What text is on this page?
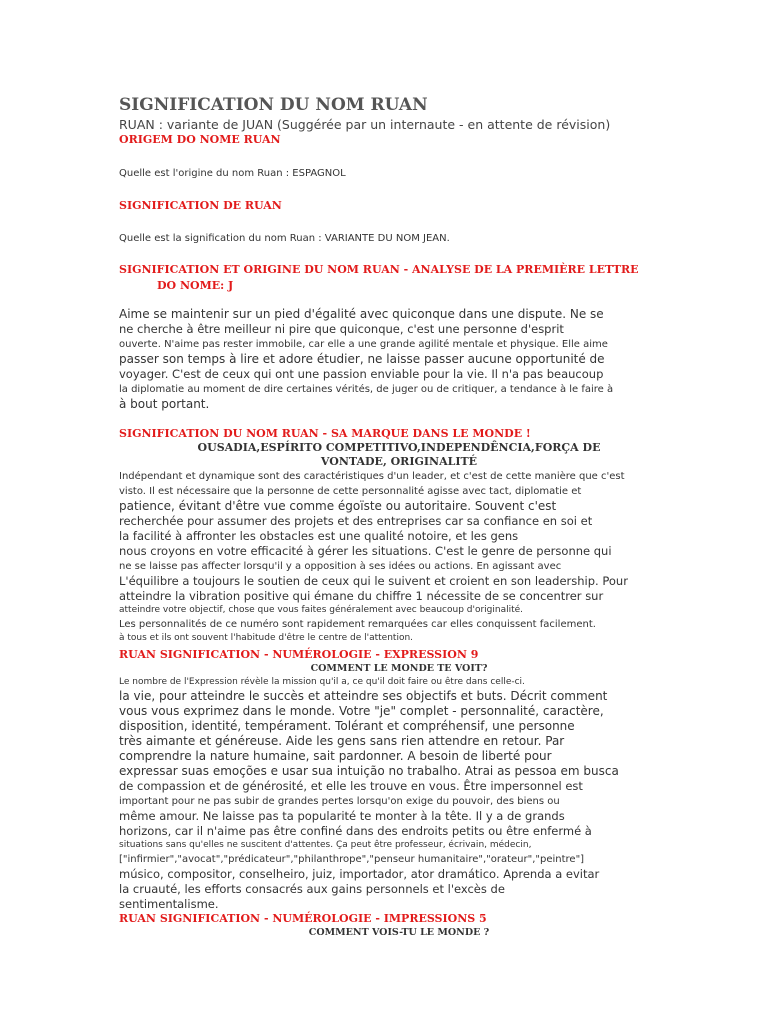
SIGNIFICATION DU NOM RUAN

RUAN : variante de JUAN (Suggérée par un internaute - en attente de révision)

ORIGEM DO NOME RUAN

Quelle est l'origine du nom Ruan : ESPAGNOL

SIGNIFICATION DE RUAN

Quelle est la signification du nom Ruan : VARIANTE DU NOM JEAN.

SIGNIFICATION ET ORIGINE DU NOM RUAN - ANALYSE DE LA PREMIÈRE LETTRE
DO NOME: J

Aime se maintenir sur un pied d'égalité avec quiconque dans une dispute. Ne se
ne cherche à être meilleur ni pire que quiconque, c'est une personne d'esprit
ouverte. N'aime pas rester immobile, car elle a une grande agilité mentale et physique. Elle aime
passer son temps à lire et adore étudier, ne laisse passer aucune opportunité de
voyager. C'est de ceux qui ont une passion enviable pour la vie. Il n'a pas beaucoup
la diplomatie au moment de dire certaines vérités, de juger ou de critiquer, a tendance à le faire à
à bout portant.

SIGNIFICATION DU NOM RUAN - SA MARQUE DANS LE MONDE !

OUSADIA,ESPÍRITO COMPETITIVO,INDEPENDÊNCIA,FORÇA DE
VONTADE, ORIGINALITÉ

Indépendant et dynamique sont des caractéristiques d'un leader, et c'est de cette manière que c'est
visto. Il est nécessaire que la personne de cette personnalité agisse avec tact, diplomatie et
patience, évitant d'être vue comme égoïste ou autoritaire. Souvent c'est
recherchée pour assumer des projets et des entreprises car sa confiance en soi et
la facilité à affronter les obstacles est une qualité notoire, et les gens
nous croyons en votre efficacité à gérer les situations. C'est le genre de personne qui
ne se laisse pas affecter lorsqu'il y a opposition à ses idées ou actions. En agissant avec
L'équilibre a toujours le soutien de ceux qui le suivent et croient en son leadership. Pour
atteindre la vibration positive qui émane du chiffre 1 nécessite de se concentrer sur
atteindre votre objectif, chose que vous faites généralement avec beaucoup d'originalité.
Les personnalités de ce numéro sont rapidement remarquées car elles conquissent facilement.
à tous et ils ont souvent l'habitude d'être le centre de l'attention.

RUAN SIGNIFICATION - NUMÉROLOGIE - EXPRESSION 9

COMMENT LE MONDE TE VOIT?

Le nombre de l'Expression révèle la mission qu'il a, ce qu'il doit faire ou être dans celle-ci.
la vie, pour atteindre le succès et atteindre ses objectifs et buts. Décrit comment
vous vous exprimez dans le monde. Votre "je" complet - personnalité, caractère,
disposition, identité, tempérament. Tolérant et compréhensif, une personne
très aimante et généreuse. Aide les gens sans rien attendre en retour. Par
comprendre la nature humaine, sait pardonner. A besoin de liberté pour
expressar suas emoções e usar sua intuição no trabalho. Atrai as pessoa em busca
de compassion et de générosité, et elle les trouve en vous. Être impersonnel est
important pour ne pas subir de grandes pertes lorsqu'on exige du pouvoir, des biens ou
même amour. Ne laisse pas ta popularité te monter à la tête. Il y a de grands
horizons, car il n'aime pas être confiné dans des endroits petits ou être enfermé à
situations sans qu'elles ne suscitent d'attentes. Ça peut être professeur, écrivain, médecin,
["infirmier","avocat","prédicateur","philanthrope","penseur humanitaire","orateur","peintre"]
músico, compositor, conselheiro, juiz, importador, ator dramático. Aprenda a evitar
la cruauté, les efforts consacrés aux gains personnels et l'excès de
sentimentalisme.

RUAN SIGNIFICATION - NUMÉROLOGIE - IMPRESSIONS 5

COMMENT VOIS-TU LE MONDE ?
